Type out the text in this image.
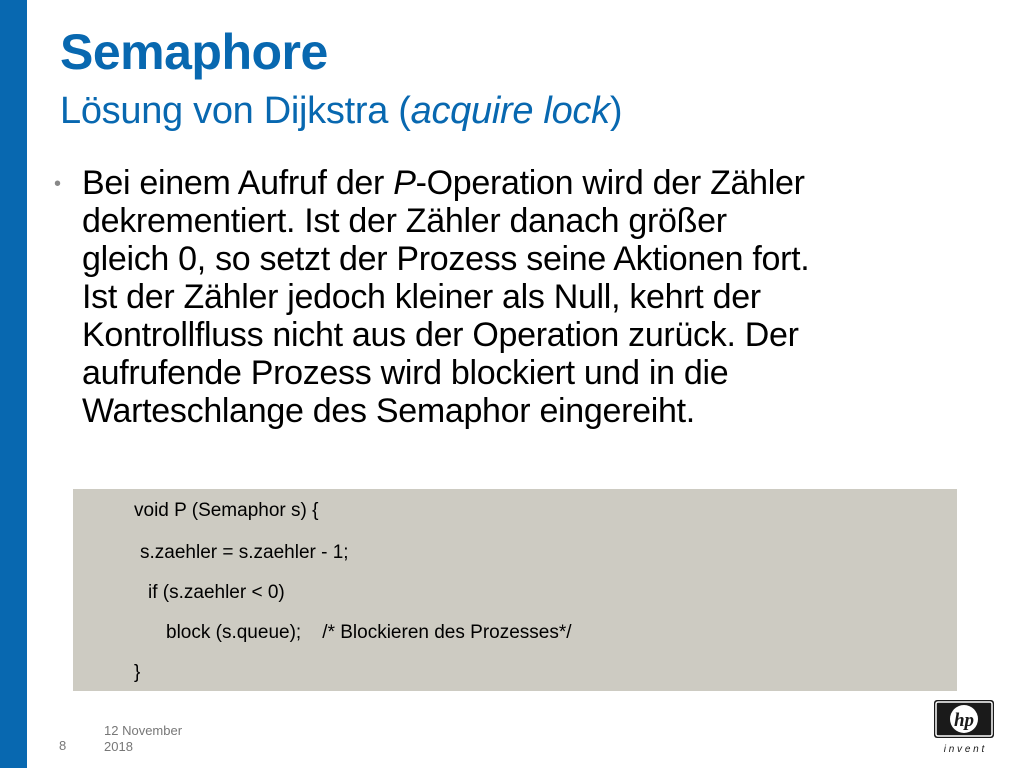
Semaphore
Lösung von Dijkstra (acquire lock)
• Bei einem Aufruf der P-Operation wird der Zähler
dekrementiert. Ist der Zähler danach größer
gleich 0, so setzt der Prozess seine Aktionen fort.
Ist der Zähler jedoch kleiner als Null, kehrt der
Kontrollfluss nicht aus der Operation zurück. Der
aufrufende Prozess wird blockiert und in die
Warteschlange des Semaphor eingereiht.
void P (Semaphor s) {
s.zaehler = s.zaehler - 1;
if (s.zaehler < 0)
block (s.queue);    /* Blockieren des Prozesses*/
}
8
12 November
2018
hp
i n v e n t
